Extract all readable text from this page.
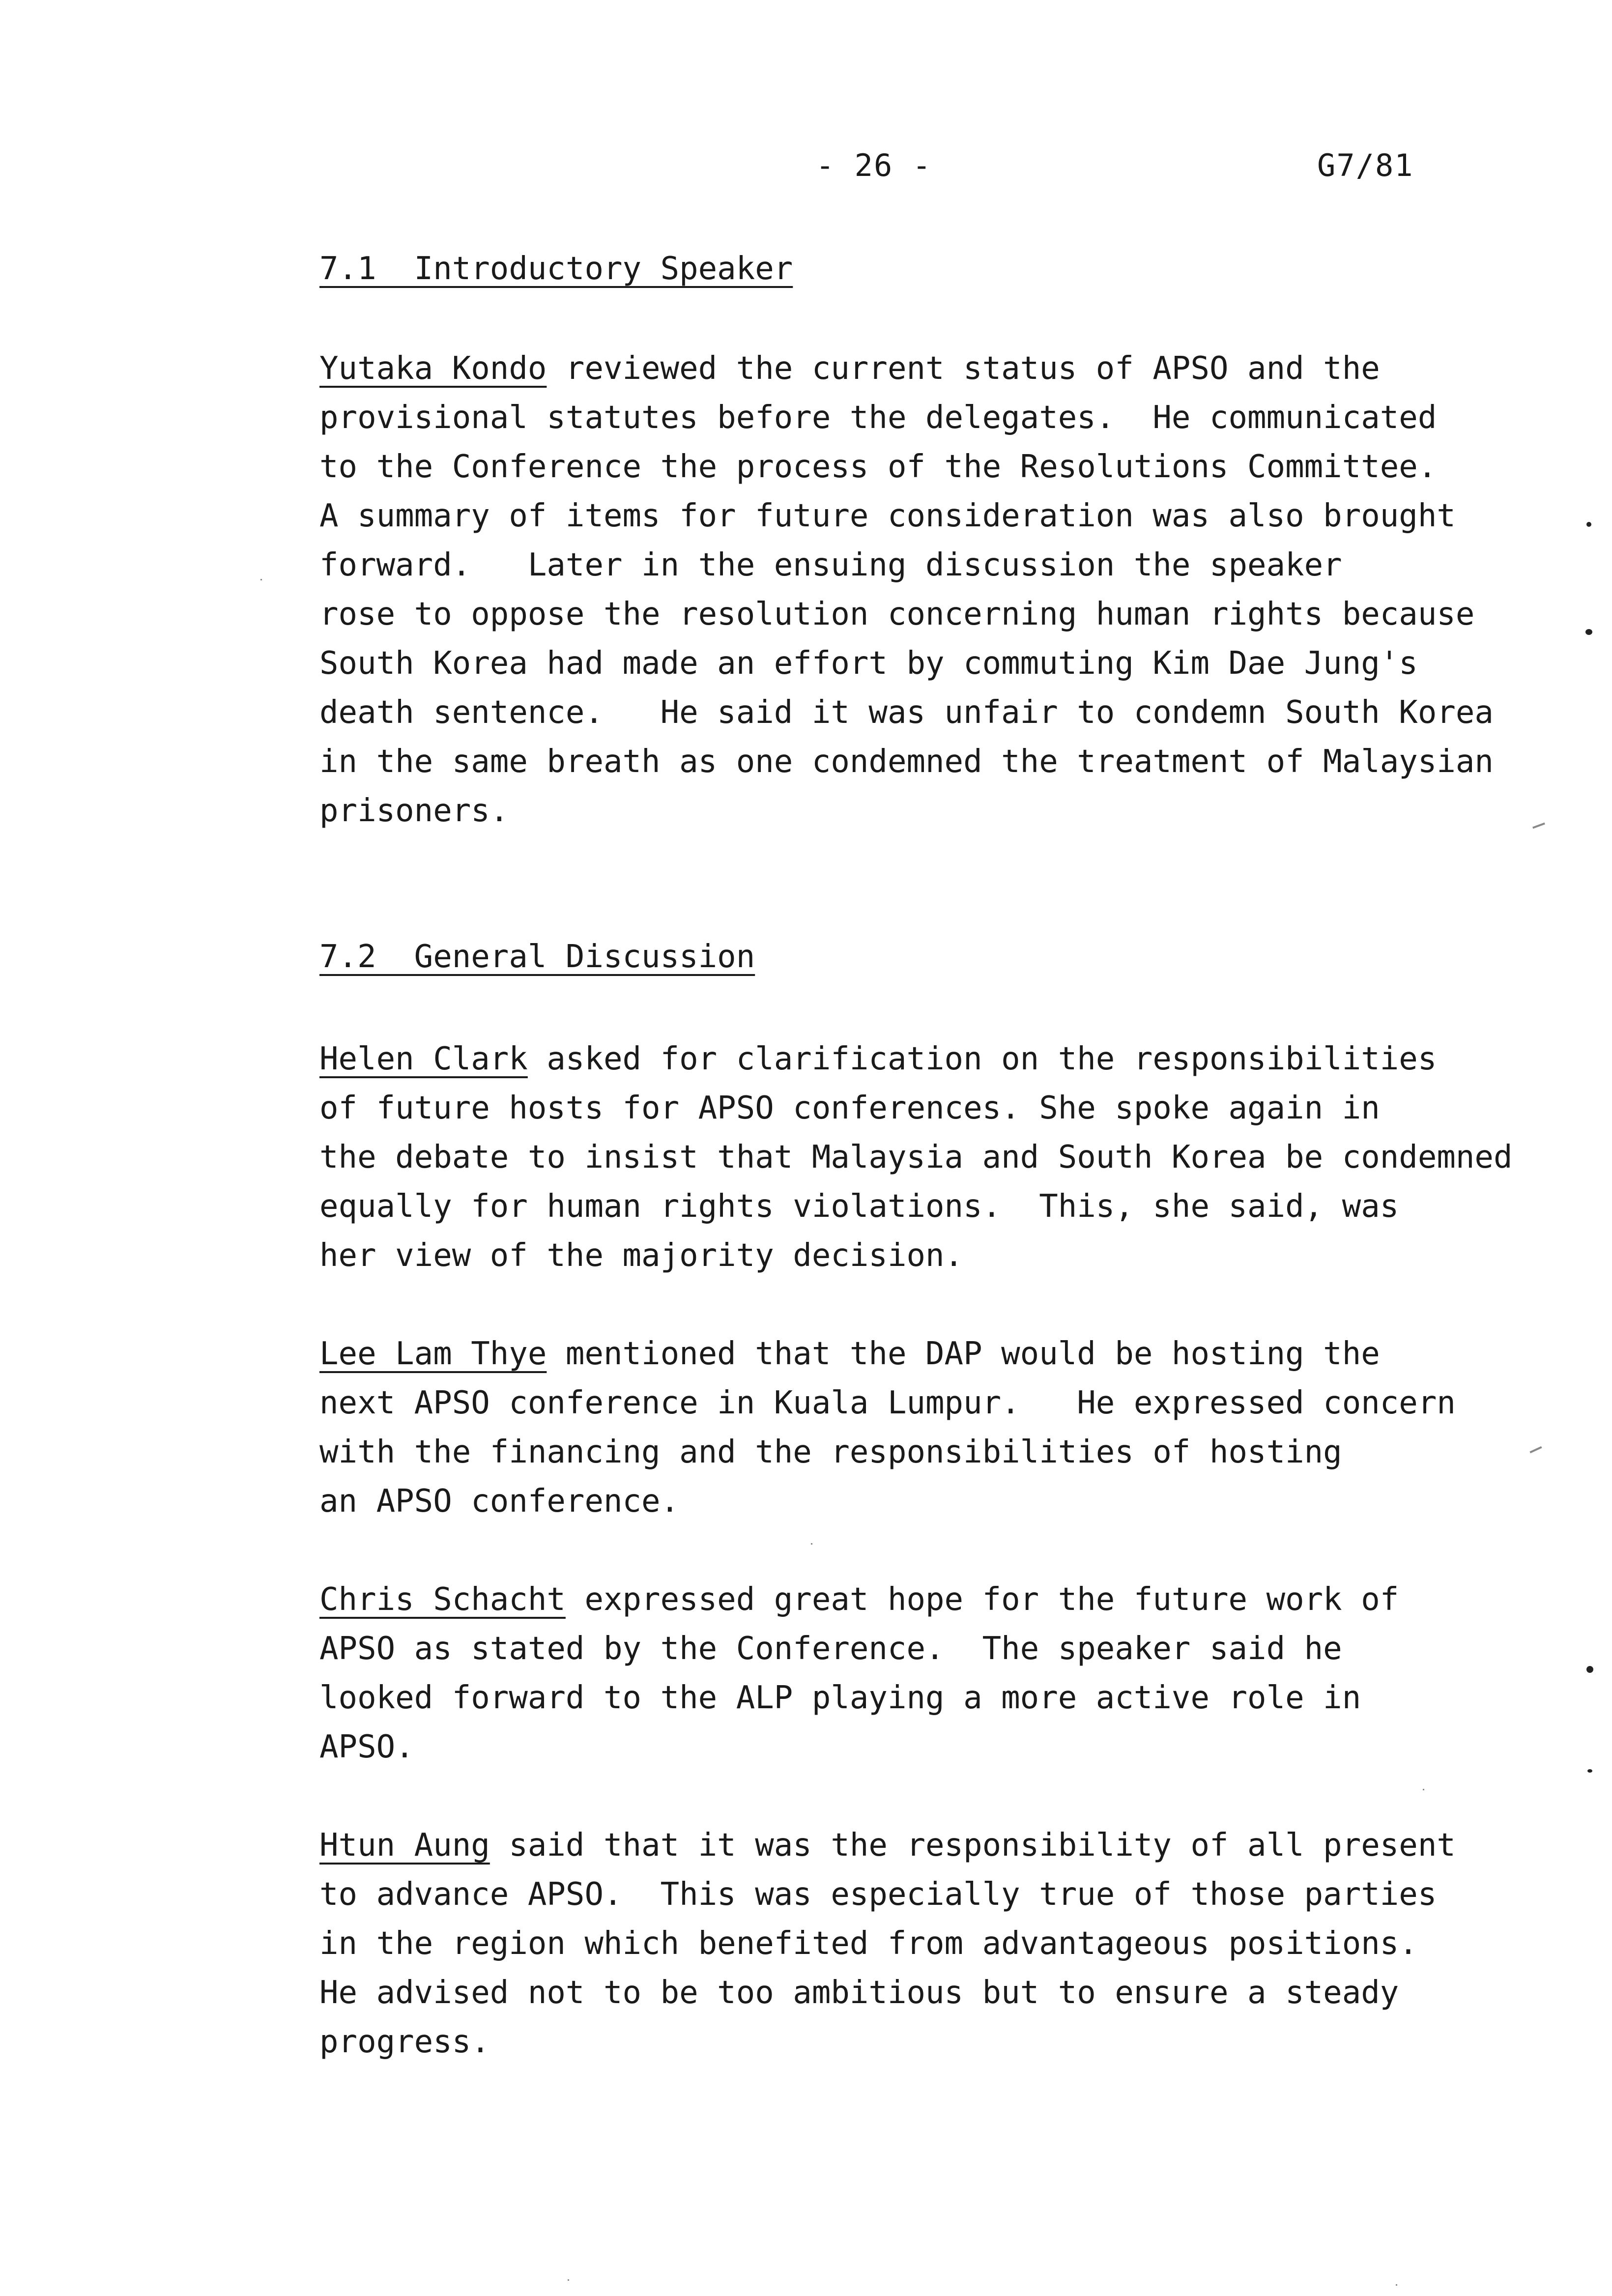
- 26 -	G7/81
7.1  Introductory Speaker
Yutaka Kondo reviewed the current status of APSO and the
provisional statutes before the delegates.  He communicated
to the Conference the process of the Resolutions Committee.
A summary of items for future consideration was also brought
forward.   Later in the ensuing discussion the speaker
rose to oppose the resolution concerning human rights because
South Korea had made an effort by commuting Kim Dae Jung's
death sentence.   He said it was unfair to condemn South Korea
in the same breath as one condemned the treatment of Malaysian
prisoners.
7.2  General Discussion
Helen Clark asked for clarification on the responsibilities
of future hosts for APSO conferences. She spoke again in
the debate to insist that Malaysia and South Korea be condemned
equally for human rights violations.  This, she said, was
her view of the majority decision.
Lee Lam Thye mentioned that the DAP would be hosting the
next APSO conference in Kuala Lumpur.   He expressed concern
with the financing and the responsibilities of hosting
an APSO conference.
Chris Schacht expressed great hope for the future work of
APSO as stated by the Conference.  The speaker said he
looked forward to the ALP playing a more active role in
APSO.
Htun Aung said that it was the responsibility of all present
to advance APSO.  This was especially true of those parties
in the region which benefited from advantageous positions.
He advised not to be too ambitious but to ensure a steady
progress.
